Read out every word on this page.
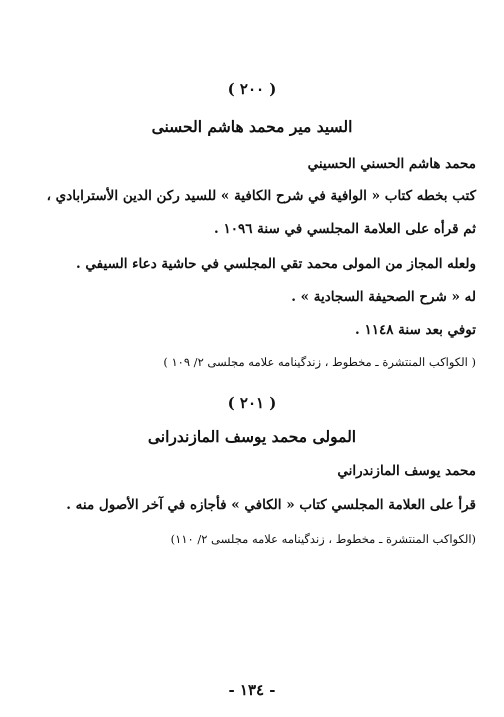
( ٢٠٠ )
السيد مير محمد هاشم الحسنى
محمد هاشم الحسني الحسيني
كتب بخطه كتاب « الوافية في شرح الكافية » للسيد ركن الدين الأسترابادي ،
ثم قرأه على العلامة المجلسي في سنة ١٠٩٦ .
ولعله المجاز من المولى محمد تقي المجلسي في حاشية دعاء السيفي .
له « شرح الصحيفة السجادية » .
توفي بعد سنة ١١٤٨ .
( الكواكب المنتشرة ـ مخطوط ، زندگينامه علامه مجلسى ٢/ ١٠٩ )
( ٢٠١ )
المولى محمد يوسف المازندرانى
محمد يوسف المازندراني
قرأ على العلامة المجلسي كتاب « الكافي » فأجازه في آخر الأصول منه .
(الكواكب المنتشرة ـ مخطوط ، زندگينامه علامه مجلسى ٢/ ١١٠)
- ١٣٤ -
